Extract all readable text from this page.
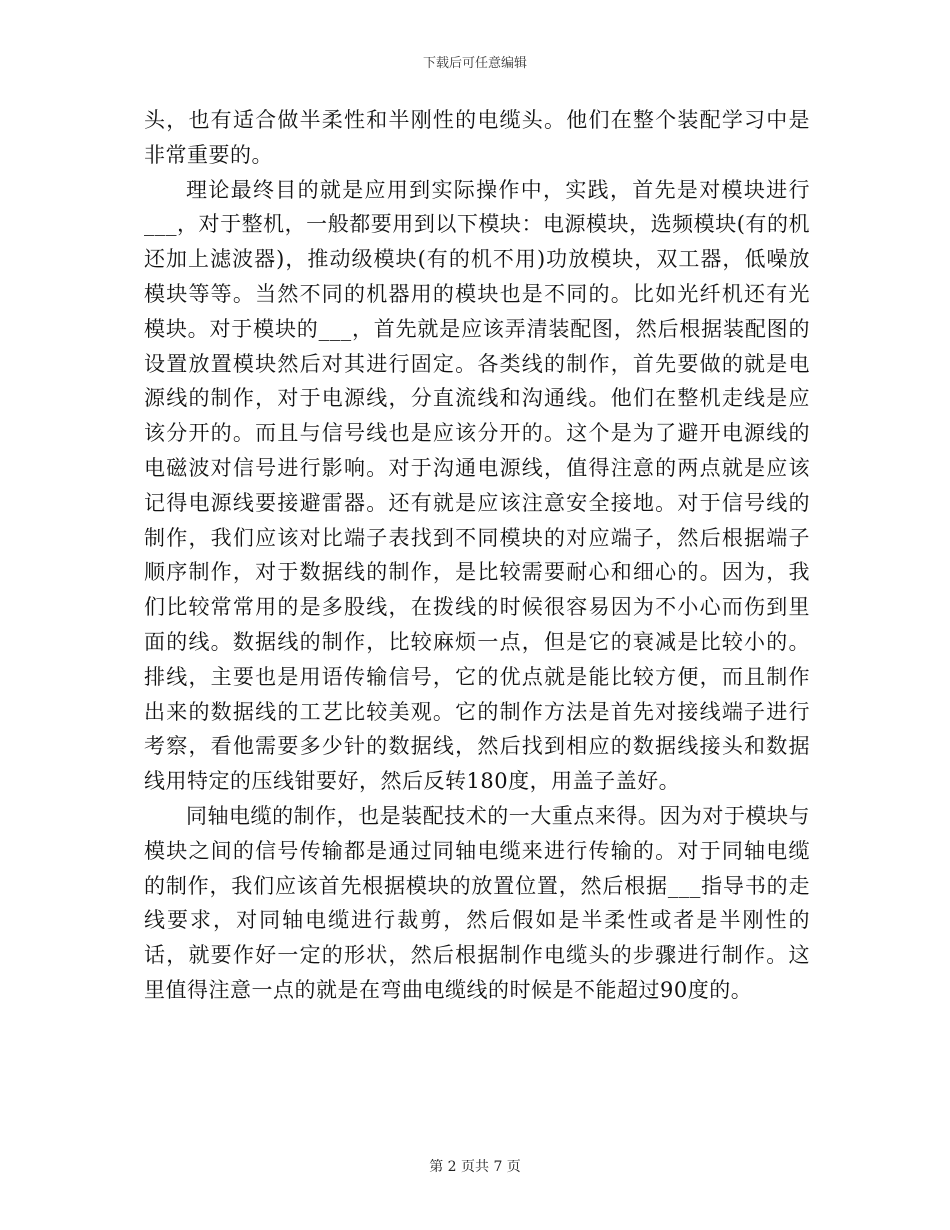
下载后可任意编辑

头，也有适合做半柔性和半刚性的电缆头。他们在整个装配学习中是非常重要的。

理论最终目的就是应用到实际操作中，实践，首先是对模块进行___，对于整机，一般都要用到以下模块：电源模块，选频模块(有的机还加上滤波器)，推动级模块(有的机不用)功放模块，双工器，低噪放模块等等。当然不同的机器用的模块也是不同的。比如光纤机还有光模块。对于模块的___，首先就是应该弄清装配图，然后根据装配图的设置放置模块然后对其进行固定。各类线的制作，首先要做的就是电源线的制作，对于电源线，分直流线和沟通线。他们在整机走线是应该分开的。而且与信号线也是应该分开的。这个是为了避开电源线的电磁波对信号进行影响。对于沟通电源线，值得注意的两点就是应该记得电源线要接避雷器。还有就是应该注意安全接地。对于信号线的制作，我们应该对比端子表找到不同模块的对应端子，然后根据端子顺序制作，对于数据线的制作，是比较需要耐心和细心的。因为，我们比较常常用的是多股线，在拨线的时候很容易因为不小心而伤到里面的线。数据线的制作，比较麻烦一点，但是它的衰减是比较小的。排线，主要也是用语传输信号，它的优点就是能比较方便，而且制作出来的数据线的工艺比较美观。它的制作方法是首先对接线端子进行考察，看他需要多少针的数据线，然后找到相应的数据线接头和数据线用特定的压线钳要好，然后反转180度，用盖子盖好。

同轴电缆的制作，也是装配技术的一大重点来得。因为对于模块与模块之间的信号传输都是通过同轴电缆来进行传输的。对于同轴电缆的制作，我们应该首先根据模块的放置位置，然后根据___指导书的走线要求，对同轴电缆进行裁剪，然后假如是半柔性或者是半刚性的话，就要作好一定的形状，然后根据制作电缆头的步骤进行制作。这里值得注意一点的就是在弯曲电缆线的时候是不能超过90度的。

第 2 页共 7 页
